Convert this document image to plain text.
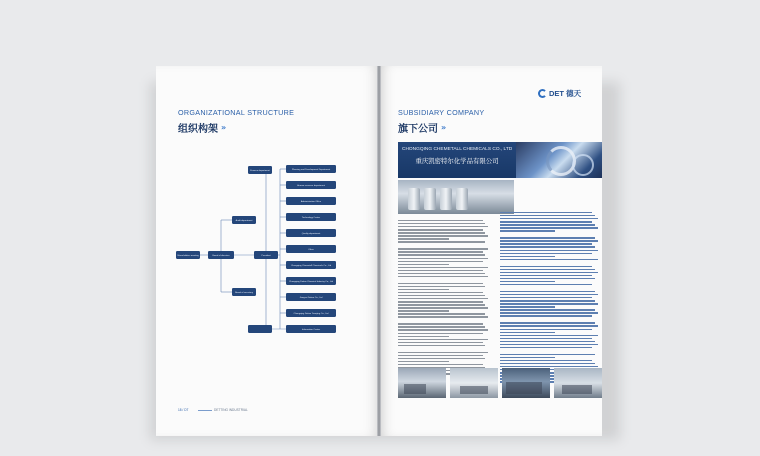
ORGANIZATIONAL STRUCTURE
组织构架 »
Shareholders meeting	Board of directors
Audit department
President
Board of secretary
Finance department	Planning and Development Department
Human resource department
Administration Office
Technology Center
Quality department
Other
Chongqing Chemetall Chemicals Co., Ltd
Chongqing Detian Chemical Industry Co., Ltd
Jiangsu Detian Co., Ltd
Chongqing Detian Yuanjing Co., Ltd
Information Center
18 / DT	DETTING INDUSTRIAL
DET 德天
SUBSIDIARY COMPANY
旗下公司 »
CHONGQING CHEMETALL CHEMICALS CO., LTD
重庆凯密特尔化学品有限公司
